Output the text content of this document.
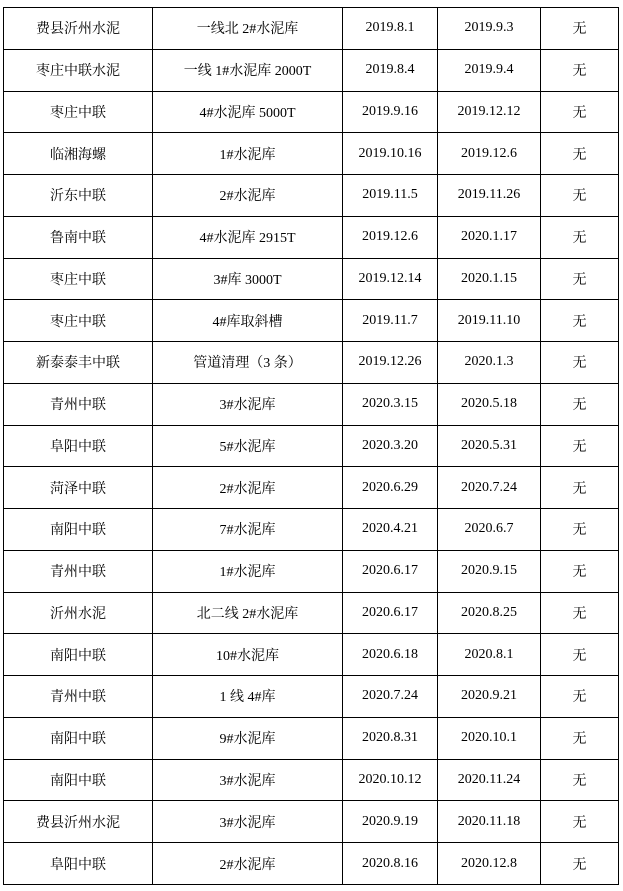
费县沂州水泥	一线北 2#水泥库	2019.8.1	2019.9.3	无
枣庄中联水泥	一线 1#水泥库 2000T	2019.8.4	2019.9.4	无
枣庄中联	4#水泥库 5000T	2019.9.16	2019.12.12	无
临湘海螺	1#水泥库	2019.10.16	2019.12.6	无
沂东中联	2#水泥库	2019.11.5	2019.11.26	无
鲁南中联	4#水泥库 2915T	2019.12.6	2020.1.17	无
枣庄中联	3#库 3000T	2019.12.14	2020.1.15	无
枣庄中联	4#库取斜槽	2019.11.7	2019.11.10	无
新泰泰丰中联	管道清理（3 条）	2019.12.26	2020.1.3	无
青州中联	3#水泥库	2020.3.15	2020.5.18	无
阜阳中联	5#水泥库	2020.3.20	2020.5.31	无
菏泽中联	2#水泥库	2020.6.29	2020.7.24	无
南阳中联	7#水泥库	2020.4.21	2020.6.7	无
青州中联	1#水泥库	2020.6.17	2020.9.15	无
沂州水泥	北二线 2#水泥库	2020.6.17	2020.8.25	无
南阳中联	10#水泥库	2020.6.18	2020.8.1	无
青州中联	1 线 4#库	2020.7.24	2020.9.21	无
南阳中联	9#水泥库	2020.8.31	2020.10.1	无
南阳中联	3#水泥库	2020.10.12	2020.11.24	无
费县沂州水泥	3#水泥库	2020.9.19	2020.11.18	无
阜阳中联	2#水泥库	2020.8.16	2020.12.8	无
